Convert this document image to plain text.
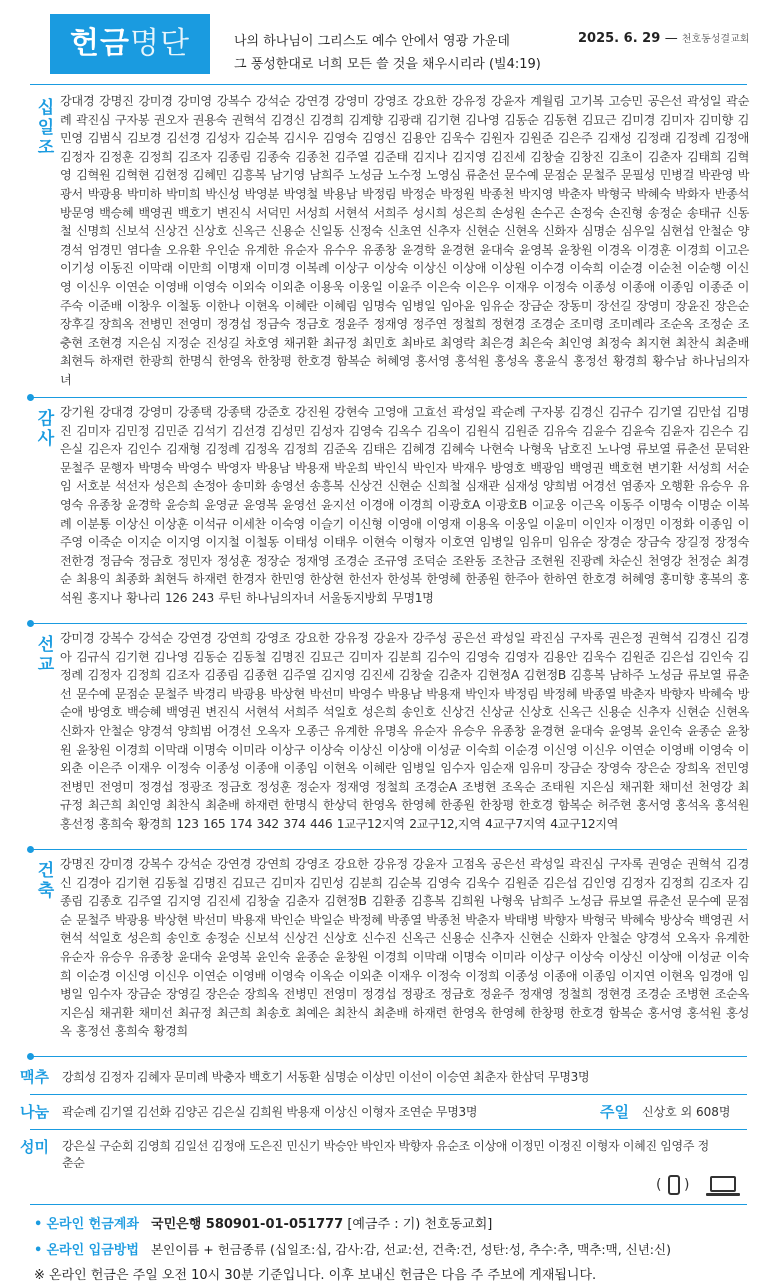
헌금명단	나의 하나님이 그리스도 예수 안에서 영광 가운데
그 풍성한대로 너희 모든 쓸 것을 채우시리라 (빌4:19)
2025. 6. 29 — 천호동성결교회
십
일
조
강대경 강명진 강미경 강미영 강복수 강석순 강연경 강영미 강영조 강요한 강유정 강윤자 계월림 고기복 고승민 공은선 곽성일 곽순례 곽진심 구자봉 권오자 권용숙 권혁석 김경신 김경희 김계향 김광래 김기현 김나영 김동순 김동현 김묘근 김미경 김미자 김미향 김민영 김범식 김보경 김선경 김성자 김순복 김시우 김영숙 김영신 김용안 김욱수 김원자 김원준 김은주 김재성 김정래 김정례 김정애 김정자 김정훈 김정희 김조자 김종림 김종숙 김종천 김주열 김준태 김지나 김지영 김진세 김창술 김창진 김초이 김춘자 김태희 김혁영 김혁원 김혁현 김현정 김혜민 김흥복 남기영 남희주 노성금 노수정 노영심 류춘선 문수예 문점순 문철주 문필성 민병걸 박관영 박광서 박광용 박미하 박미희 박신성 박영분 박영철 박용남 박정림 박정순 박정원 박종천 박지영 박춘자 박형국 박혜숙 박화자 반종석 방문영 백승혜 백영권 백호기 변진식 서덕민 서성희 서현석 서희주 성시희 성은희 손성원 손수곤 손정숙 손진형 송정순 송태규 신동철 신명희 신보석 신상건 신상호 신옥근 신용순 신일동 신정숙 신초연 신추자 신현순 신현옥 신화자 심명순 심우일 심현섭 안철순 양경석 엄경민 염다솔 오유환 우인순 유계한 유순자 유수우 유종창 윤경학 윤경현 윤대숙 윤영복 윤창원 이경옥 이경훈 이경희 이고은 이기성 이동진 이막래 이만희 이명재 이미경 이복례 이상구 이상숙 이상신 이상애 이상원 이수경 이숙희 이순경 이순천 이순행 이신영 이신우 이연순 이영배 이영숙 이외숙 이외춘 이용욱 이웅일 이윤주 이은숙 이은우 이재우 이정숙 이종성 이종애 이종임 이종준 이주숙 이준배 이창우 이철동 이한나 이현옥 이혜란 이혜림 임명숙 임병일 임아윤 임유순 장금순 장동미 장선길 장영미 장윤진 장은순 장후길 장희옥 전병민 전영미 정경섭 정금숙 정금호 정윤주 정재영 정주연 정철희 정현경 조경순 조미령 조미례라 조순옥 조정순 조충현 조현경 지은심 지정순 진성길 차호영 채귀환 최규정 최민호 최바로 최영락 최은경 최은숙 최인영 최정숙 최지현 최찬식 최춘배 최현득 하재련 한광희 한명식 한영옥 한창평 한호경 함복순 허혜영 홍서영 홍석원 홍성옥 홍윤식 홍정선 황경희 황수남 하나님의자녀
감
사
강기원 강대경 강영미 강종택 강종택 강준호 강진원 강현숙 고영애 고효선 곽성일 곽순례 구자봉 김경신 김규수 김기열 김만섭 김명진 김미자 김민정 김민준 김석기 김선경 김성민 김성자 김영숙 김옥수 김옥이 김원식 김원준 김유숙 김윤수 김윤숙 김윤자 김은수 김은실 김은자 김인수 김재형 김정례 김정옥 김정희 김준옥 김태은 김혜경 김혜숙 나현숙 나형욱 남호진 노나영 류보열 류춘선 문덕완 문철주 문행자 박명숙 박영수 박영자 박용남 박용재 박운희 박인식 박인자 박재우 방영호 백광임 백영권 백호현 변기환 서성희 서순임 서호분 석선자 성은희 손정아 송미화 송영선 송흥복 신상건 신현순 신희철 심재관 심재성 양희범 어경선 염종자 오행환 유승우 유영숙 유종창 윤경학 윤승희 윤영균 윤영복 윤영선 윤지선 이경애 이경희 이광호A 이광호B 이교웅 이근옥 이동주 이명숙 이명순 이복례 이분통 이상신 이상훈 이석규 이세찬 이숙영 이슬기 이신형 이영애 이영재 이용옥 이웅일 이윤미 이인자 이정민 이정화 이종임 이주영 이죽순 이지순 이지영 이지철 이철동 이태성 이태우 이현숙 이형자 이호연 임병일 임유미 임유순 장경순 장금숙 장길정 장정숙 전한경 정금숙 정금호 정민자 정성훈 정장순 정재영 조경순 조규영 조덕순 조완동 조찬금 조현원 진광례 차순신 천영강 천정순 최경순 최용익 최종화 최현득 하재련 한경자 한민영 한상현 한선자 한성복 한영혜 한종원 한주아 한하연 한호경 허혜영 홍미향 홍복의 홍석원 홍지나 황나리 126 243 루틴 하나님의자녀 서울동지방회 무명1명
선
교
강미경 강복수 강석순 강연경 강연희 강영조 강요한 강유정 강윤자 강주성 공은선 곽성일 곽진심 구자록 권은정 권혁석 김경신 김경아 김규식 김기현 김나영 김동순 김동철 김명진 김묘근 김미자 김분희 김수익 김영숙 김영자 김용안 김욱수 김원준 김은섭 김인숙 김정례 김정자 김정희 김조자 김종림 김종현 김주열 김지영 김진세 김창술 김춘자 김현정A 김현정B 김흥복 남하주 노성금 류보열 류춘선 문수예 문점순 문철주 박경리 박광용 박상현 박선미 박영수 박용남 박용재 박인자 박정림 박정혜 박종열 박춘자 박향자 박혜숙 방순애 방영호 백승혜 백영권 변진식 서현석 서희주 석일호 성은희 송인호 신상건 신상균 신상호 신옥근 신용순 신추자 신현순 신현옥 신화자 안철순 양경석 양희범 어경선 오옥자 오종근 유계한 유명옥 유순자 유승우 유종창 윤경현 윤대숙 윤영복 윤인숙 윤종순 윤창원 윤창원 이경희 이막래 이명숙 이미라 이상구 이상숙 이상신 이상애 이성균 이숙희 이순경 이신영 이신우 이연순 이영배 이영숙 이외춘 이은주 이재우 이정숙 이종성 이종애 이종임 이현옥 이혜란 임병일 임수자 임순재 임유미 장금순 장영숙 장은순 장희옥 전민영 전병민 전영미 정경섭 정광조 정금호 정성훈 정순자 정재영 정철희 조경순A 조병현 조옥순 조태원 지은심 채귀환 채미선 천영강 최규정 최근희 최인영 최찬식 최춘배 하재련 한명식 한상덕 한영옥 한영혜 한종원 한창평 한호경 함복순 허주현 홍서영 홍석옥 홍석원 홍선정 홍희숙 황경희 123 165 174 342 374 446 1교구12지역 2교구12,지역 4교구7지역 4교구12지역
건
축
강명진 강미경 강복수 강석순 강연경 강연희 강영조 강요한 강유정 강윤자 고점옥 공은선 곽성일 곽진심 구자록 권영순 권혁석 김경신 김경아 김기현 김동철 김명진 김묘근 김미자 김민성 김분희 김순복 김영숙 김욱수 김원준 김은섭 김인영 김정자 김정희 김조자 김종림 김종호 김주열 김지영 김진세 김창술 김춘자 김현정B 김환종 김흥복 김희원 나형욱 남희주 노성금 류보열 류춘선 문수예 문점순 문철주 박광용 박상현 박선미 박용재 박인순 박일순 박정혜 박종열 박종천 박춘자 박태병 박향자 박형국 박혜숙 방상숙 백영권 서현석 석일호 성은희 송인호 송정순 신보석 신상건 신상호 신수진 신옥근 신용순 신추자 신현순 신화자 안철순 양경석 오옥자 유계한 유순자 유승우 유종창 윤대숙 윤영복 윤인숙 윤종순 윤창원 이경희 이막래 이명숙 이미라 이상구 이상숙 이상신 이상애 이성균 이숙희 이순경 이신영 이신우 이연순 이영배 이영숙 이옥순 이외춘 이재우 이정숙 이정희 이종성 이종애 이종임 이지연 이현옥 임경애 임병일 임수자 장금순 장영길 장은순 장희옥 전병민 전영미 정경섭 정광조 정금호 정윤주 정재영 정철희 정현경 조경순 조병현 조순옥 지은심 채귀환 채미선 최규정 최근희 최송호 최예은 최찬식 최춘배 하재련 한영옥 한영혜 한창평 한호경 함복순 홍서영 홍석원 홍성옥 홍정선 홍희숙 황경희
맥추 강희성 김정자 김혜자 문미례 박충자 백호기 서동환 심명순 이상민 이선이 이승연 최춘자 한삼덕 무명3명
나눔 곽순례 김기열 김선화 김양곤 김은실 김희원 박용재 이상신 이형자 조연순 무명3명	주일 신상호 외 608명
성미 강은실 구순회 김영희 김일선 김정애 도은진 민신기 박승안 박인자 박향자 유순조 이상애 이정민 이정진 이형자 이혜진 임영주 정춘순
( )
• 온라인 헌금계좌 국민은행 580901-01-051777 [예금주 : 기) 천호동교회]
• 온라인 입금방법 본인이름 + 헌금종류 (십일조:십, 감사:감, 선교:선, 건축:건, 성탄:성, 추수:추, 맥추:맥, 신년:신)
※ 온라인 헌금은 주일 오전 10시 30분 기준입니다. 이후 보내신 헌금은 다음 주 주보에 게재됩니다.
